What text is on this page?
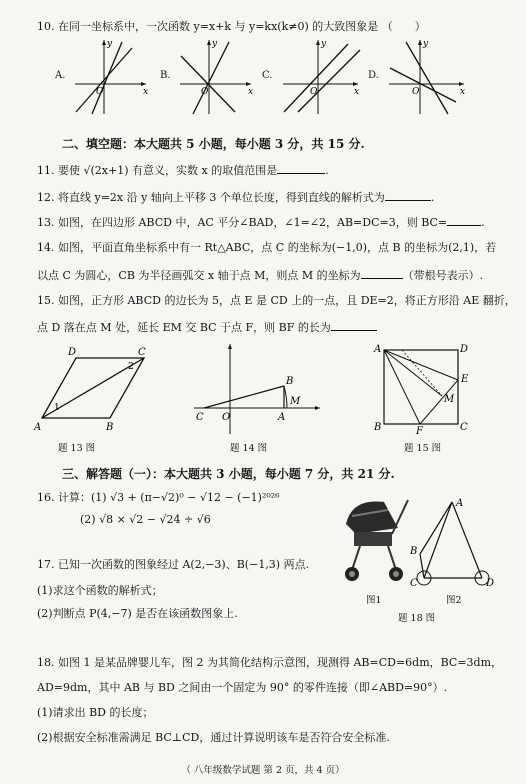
10. 在同一坐标系中，一次函数 y=x+k 与 y=kx(k≠0) 的大致图象是 （　　）
A.	B.	C.	D.
O
y
x	O
y
x	O
y
x	O
y
x
二、填空题：本大题共 5 小题，每小题 3 分，共 15 分.
11. 要使 √(2x+1) 有意义，实数 x 的取值范围是	.
12. 将直线 y=2x 沿 y 轴向上平移 3 个单位长度，得到直线的解析式为	.
13. 如图，在四边形 ABCD 中，AC 平分∠BAD，∠1=∠2，AB=DC=3，则 BC=	.
14. 如图，平面直角坐标系中有一 Rt△ABC，点 C 的坐标为(−1,0)，点 B 的坐标为(2,1)，若
以点 C 为圆心，CB 为半径画弧交 x 轴于点 M，则点 M 的坐标为	（带根号表示）.
15. 如图，正方形 ABCD 的边长为 5，点 E 是 CD 上的一点，且 DE=2，将正方形沿 AE 翻折，
点 D 落在点 M 处，延长 EM 交 BC 于点 F，则 BF 的长为
D	C
A	B
1
2
题 13 图
C O	A
M
B
题 14 图
A	D
E
M
B	F	C
题 15 图
三、解答题（一）：本大题共 3 小题，每小题 7 分，共 21 分.
16. 计算：(1) √3 + (π−√2)⁰ − √12 − (−1)²⁰²⁶
(2) √8 × √2 − √24 ÷ √6
17. 已知一次函数的图象经过 A(2,−3)、B(−1,3) 两点.
(1)求这个函数的解析式；
(2)判断点 P(4,−7) 是否在该函数图象上.
A
B
C	D
图1	图2
题 18 图
18. 如图 1 是某品牌婴儿车，图 2 为其简化结构示意图，现测得 AB=CD=6dm，BC=3dm，
AD=9dm，其中 AB 与 BD 之间由一个固定为 90° 的零件连接（即∠ABD=90°）.
(1)请求出 BD 的长度；
(2)根据安全标准需满足 BC⊥CD，通过计算说明该车是否符合安全标准.
（ 八年级数学试题 第 2 页，共 4 页）
